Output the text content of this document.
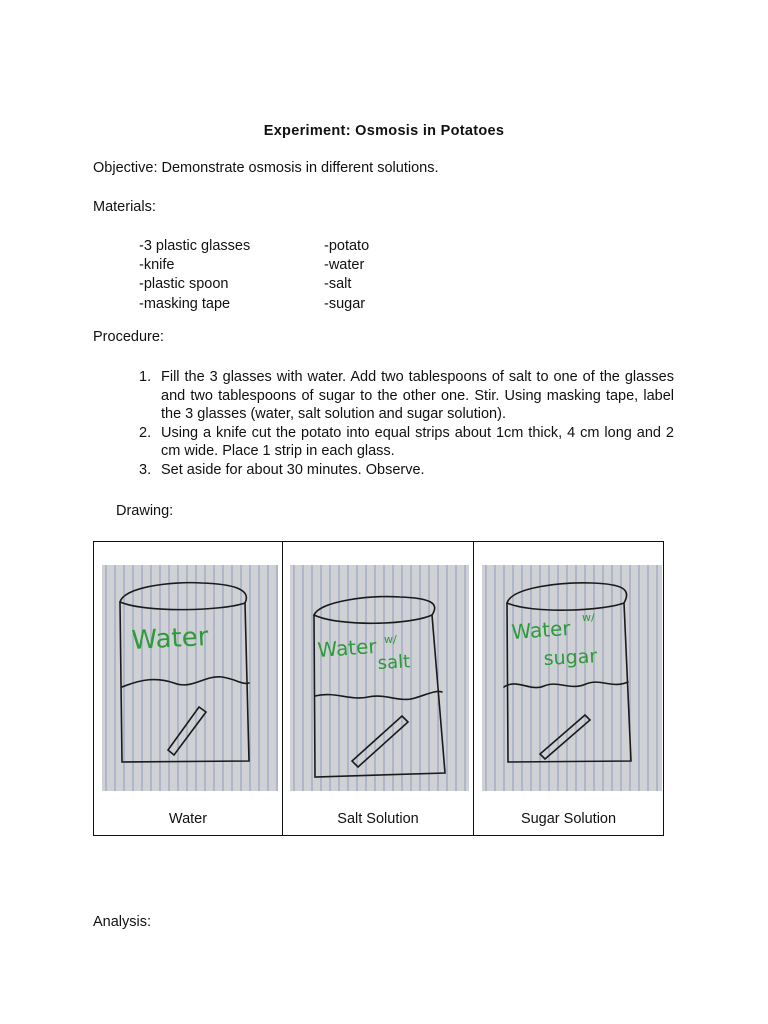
Experiment: Osmosis in Potatoes
Objective: Demonstrate osmosis in different solutions.
Materials:
-3 plastic glasses
-knife
-plastic spoon
-masking tape
-potato
-water
-salt
-sugar
Procedure:
1. Fill the 3 glasses with water. Add two tablespoons of salt to one of the glasses and two tablespoons of sugar to the other one. Stir. Using masking tape, label the 3 glasses (water, salt solution and sugar solution).
2. Using a knife cut the potato into equal strips about 1cm thick, 4 cm long and 2 cm wide. Place 1 strip in each glass.
3. Set aside for about 30 minutes. Observe.
Drawing:
Water
Water
Water w/
salt
Salt Solution
Water w/
sugar
Sugar Solution
Analysis:
